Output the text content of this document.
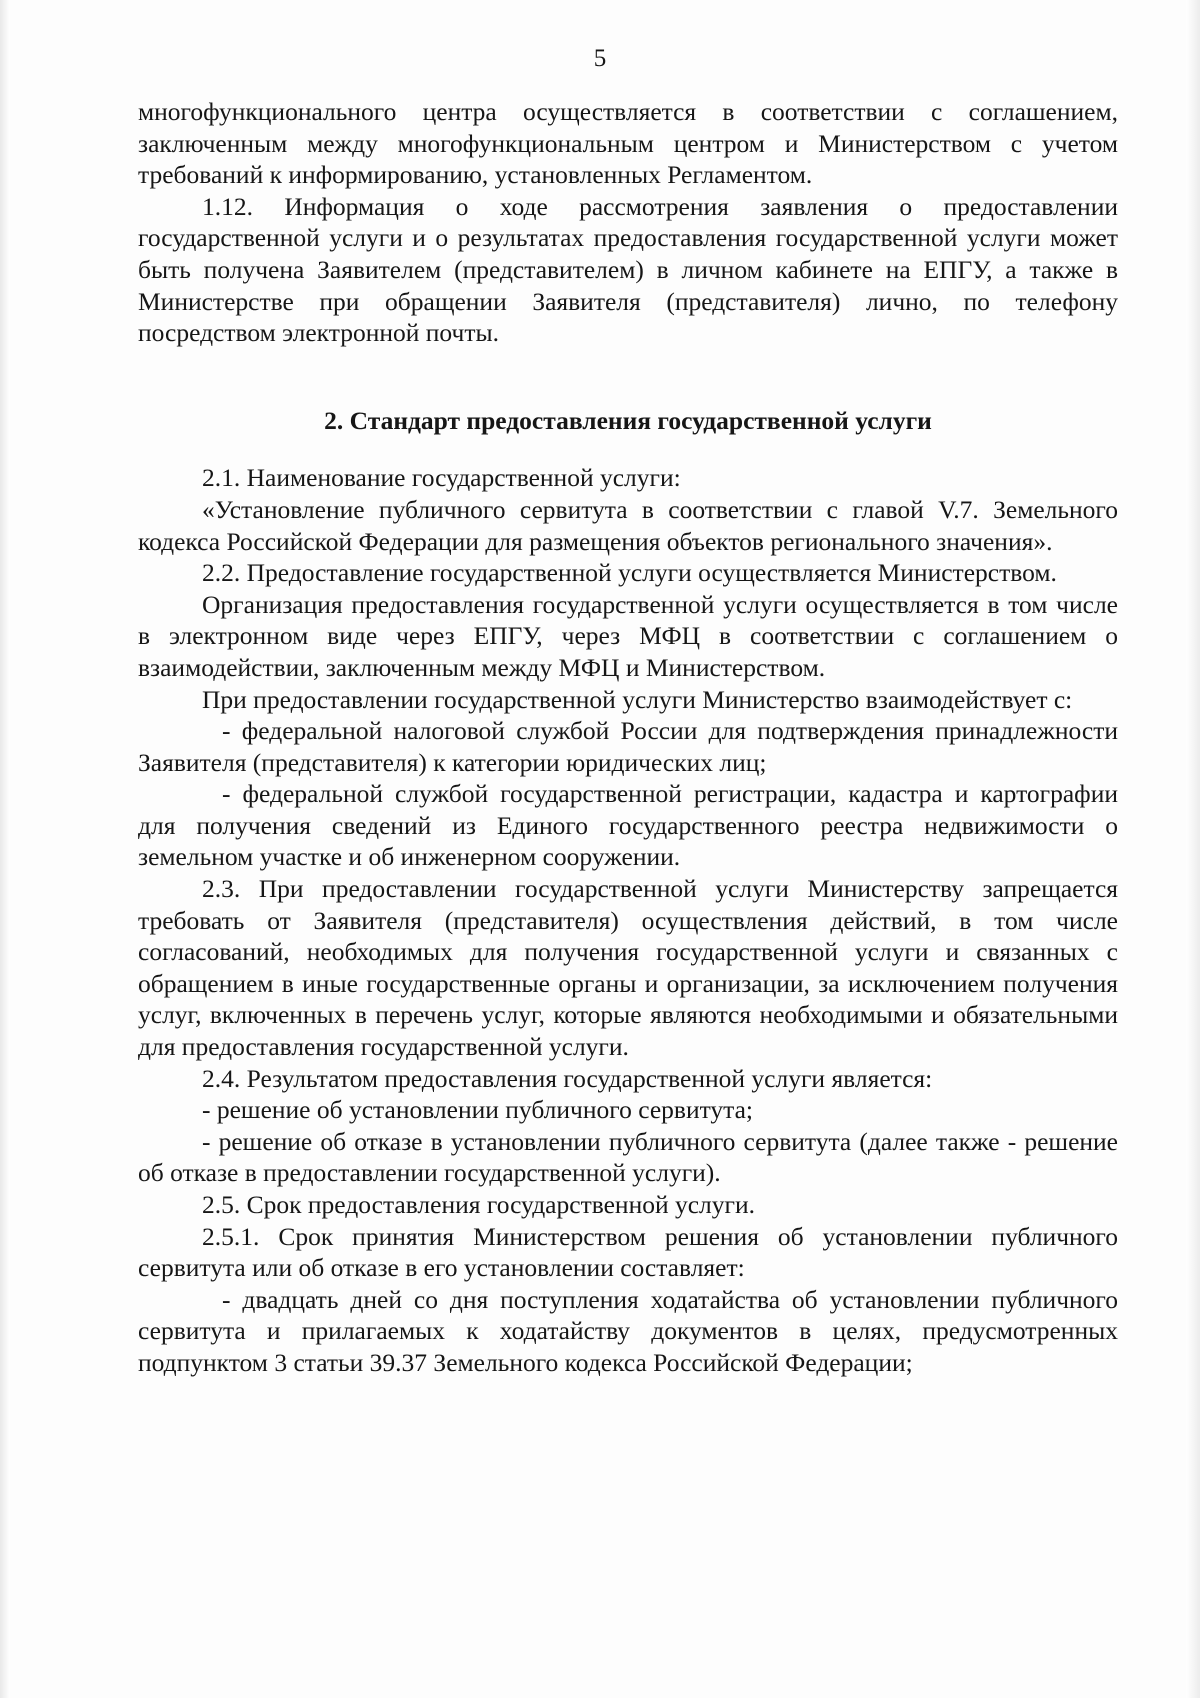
5

многофункционального центра осуществляется в соответствии с соглашением, заключенным между многофункциональным центром и Министерством с учетом требований к информированию, установленных Регламентом.

1.12. Информация о ходе рассмотрения заявления о предоставлении государственной услуги и о результатах предоставления государственной услуги может быть получена Заявителем (представителем) в личном кабинете на ЕПГУ, а также в Министерстве при обращении Заявителя (представителя) лично, по телефону посредством электронной почты.

2. Стандарт предоставления государственной услуги

2.1. Наименование государственной услуги:

«Установление публичного сервитута в соответствии с главой V.7. Земельного кодекса Российской Федерации для размещения объектов регионального значения».

2.2. Предоставление государственной услуги осуществляется Министерством.

Организация предоставления государственной услуги осуществляется в том числе в электронном виде через ЕПГУ, через МФЦ в соответствии с соглашением о взаимодействии, заключенным между МФЦ и Министерством.

При предоставлении государственной услуги Министерство взаимодействует с:

- федеральной налоговой службой России для подтверждения принадлежности Заявителя (представителя) к категории юридических лиц;

- федеральной службой государственной регистрации, кадастра и картографии для получения сведений из Единого государственного реестра недвижимости о земельном участке и об инженерном сооружении.

2.3. При предоставлении государственной услуги Министерству запрещается требовать от Заявителя (представителя) осуществления действий, в том числе согласований, необходимых для получения государственной услуги и связанных с обращением в иные государственные органы и организации, за исключением получения услуг, включенных в перечень услуг, которые являются необходимыми и обязательными для предоставления государственной услуги.

2.4. Результатом предоставления государственной услуги является:

- решение об установлении публичного сервитута;

- решение об отказе в установлении публичного сервитута (далее также - решение об отказе в предоставлении государственной услуги).

2.5. Срок предоставления государственной услуги.

2.5.1. Срок принятия Министерством решения об установлении публичного сервитута или об отказе в его установлении составляет:

- двадцать дней со дня поступления ходатайства об установлении публичного сервитута и прилагаемых к ходатайству документов в целях, предусмотренных подпунктом 3 статьи 39.37 Земельного кодекса Российской Федерации;
